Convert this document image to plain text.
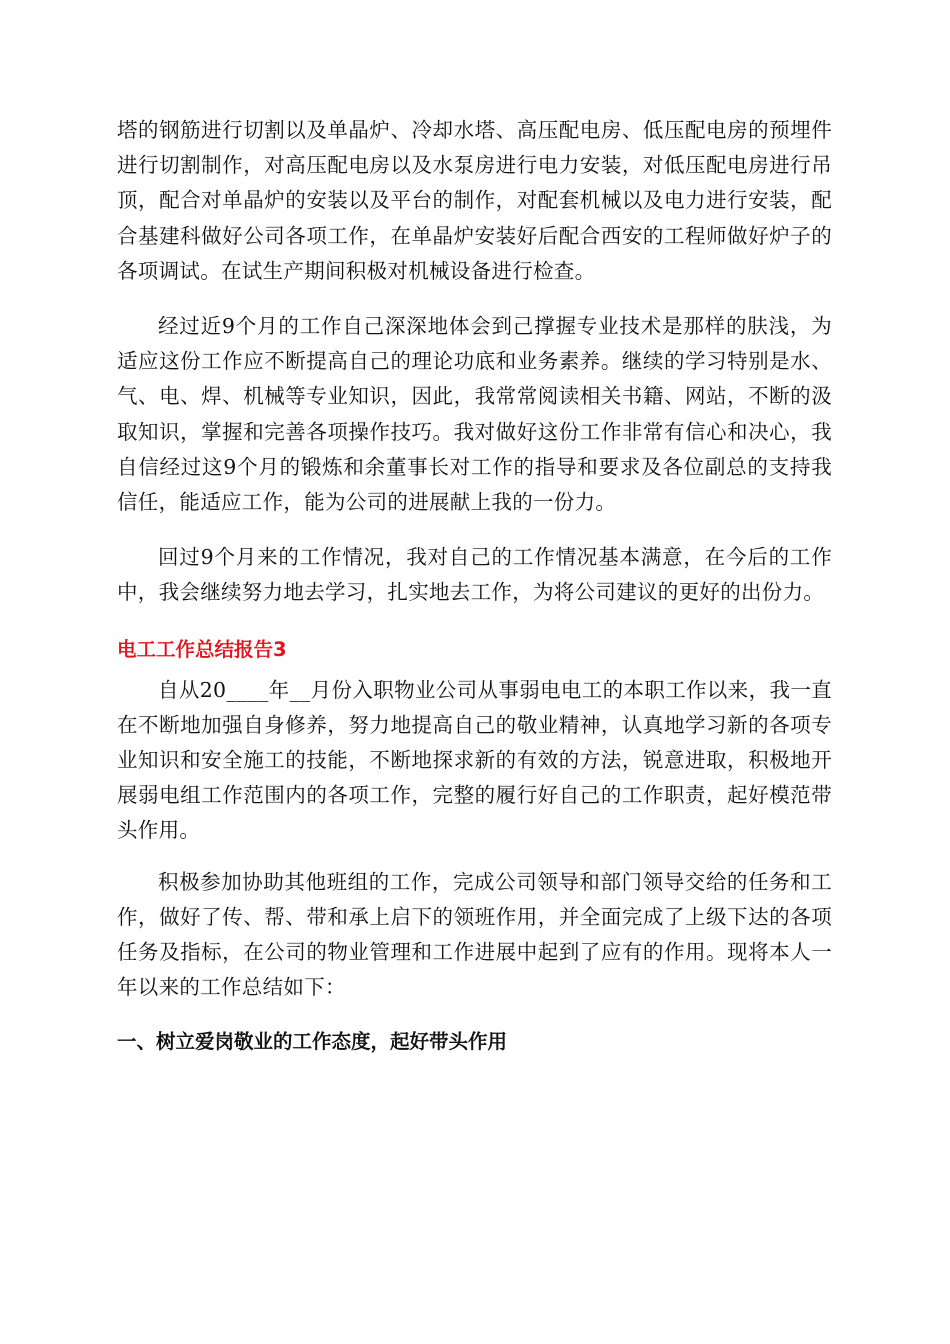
塔的钢筋进行切割以及单晶炉、冷却水塔、高压配电房、低压配电房的预埋件进行切割制作，对高压配电房以及水泵房进行电力安装，对低压配电房进行吊顶，配合对单晶炉的安装以及平台的制作，对配套机械以及电力进行安装，配合基建科做好公司各项工作，在单晶炉安装好后配合西安的工程师做好炉子的各项调试。在试生产期间积极对机械设备进行检查。

经过近9个月的工作自己深深地体会到己撑握专业技术是那样的肤浅，为适应这份工作应不断提高自己的理论功底和业务素养。继续的学习特别是水、气、电、焊、机械等专业知识，因此，我常常阅读相关书籍、网站，不断的汲取知识，掌握和完善各项操作技巧。我对做好这份工作非常有信心和决心，我自信经过这9个月的锻炼和余董事长对工作的指导和要求及各位副总的支持我信任，能适应工作，能为公司的进展献上我的一份力。

回过9个月来的工作情况，我对自己的工作情况基本满意，在今后的工作中，我会继续努力地去学习，扎实地去工作，为将公司建议的更好的出份力。

电工工作总结报告3

自从20____年__月份入职物业公司从事弱电电工的本职工作以来，我一直在不断地加强自身修养，努力地提高自己的敬业精神，认真地学习新的各项专业知识和安全施工的技能，不断地探求新的有效的方法，锐意进取，积极地开展弱电组工作范围内的各项工作，完整的履行好自己的工作职责，起好模范带头作用。

积极参加协助其他班组的工作，完成公司领导和部门领导交给的任务和工作，做好了传、帮、带和承上启下的领班作用，并全面完成了上级下达的各项任务及指标，在公司的物业管理和工作进展中起到了应有的作用。现将本人一年以来的工作总结如下：

一、树立爱岗敬业的工作态度，起好带头作用
